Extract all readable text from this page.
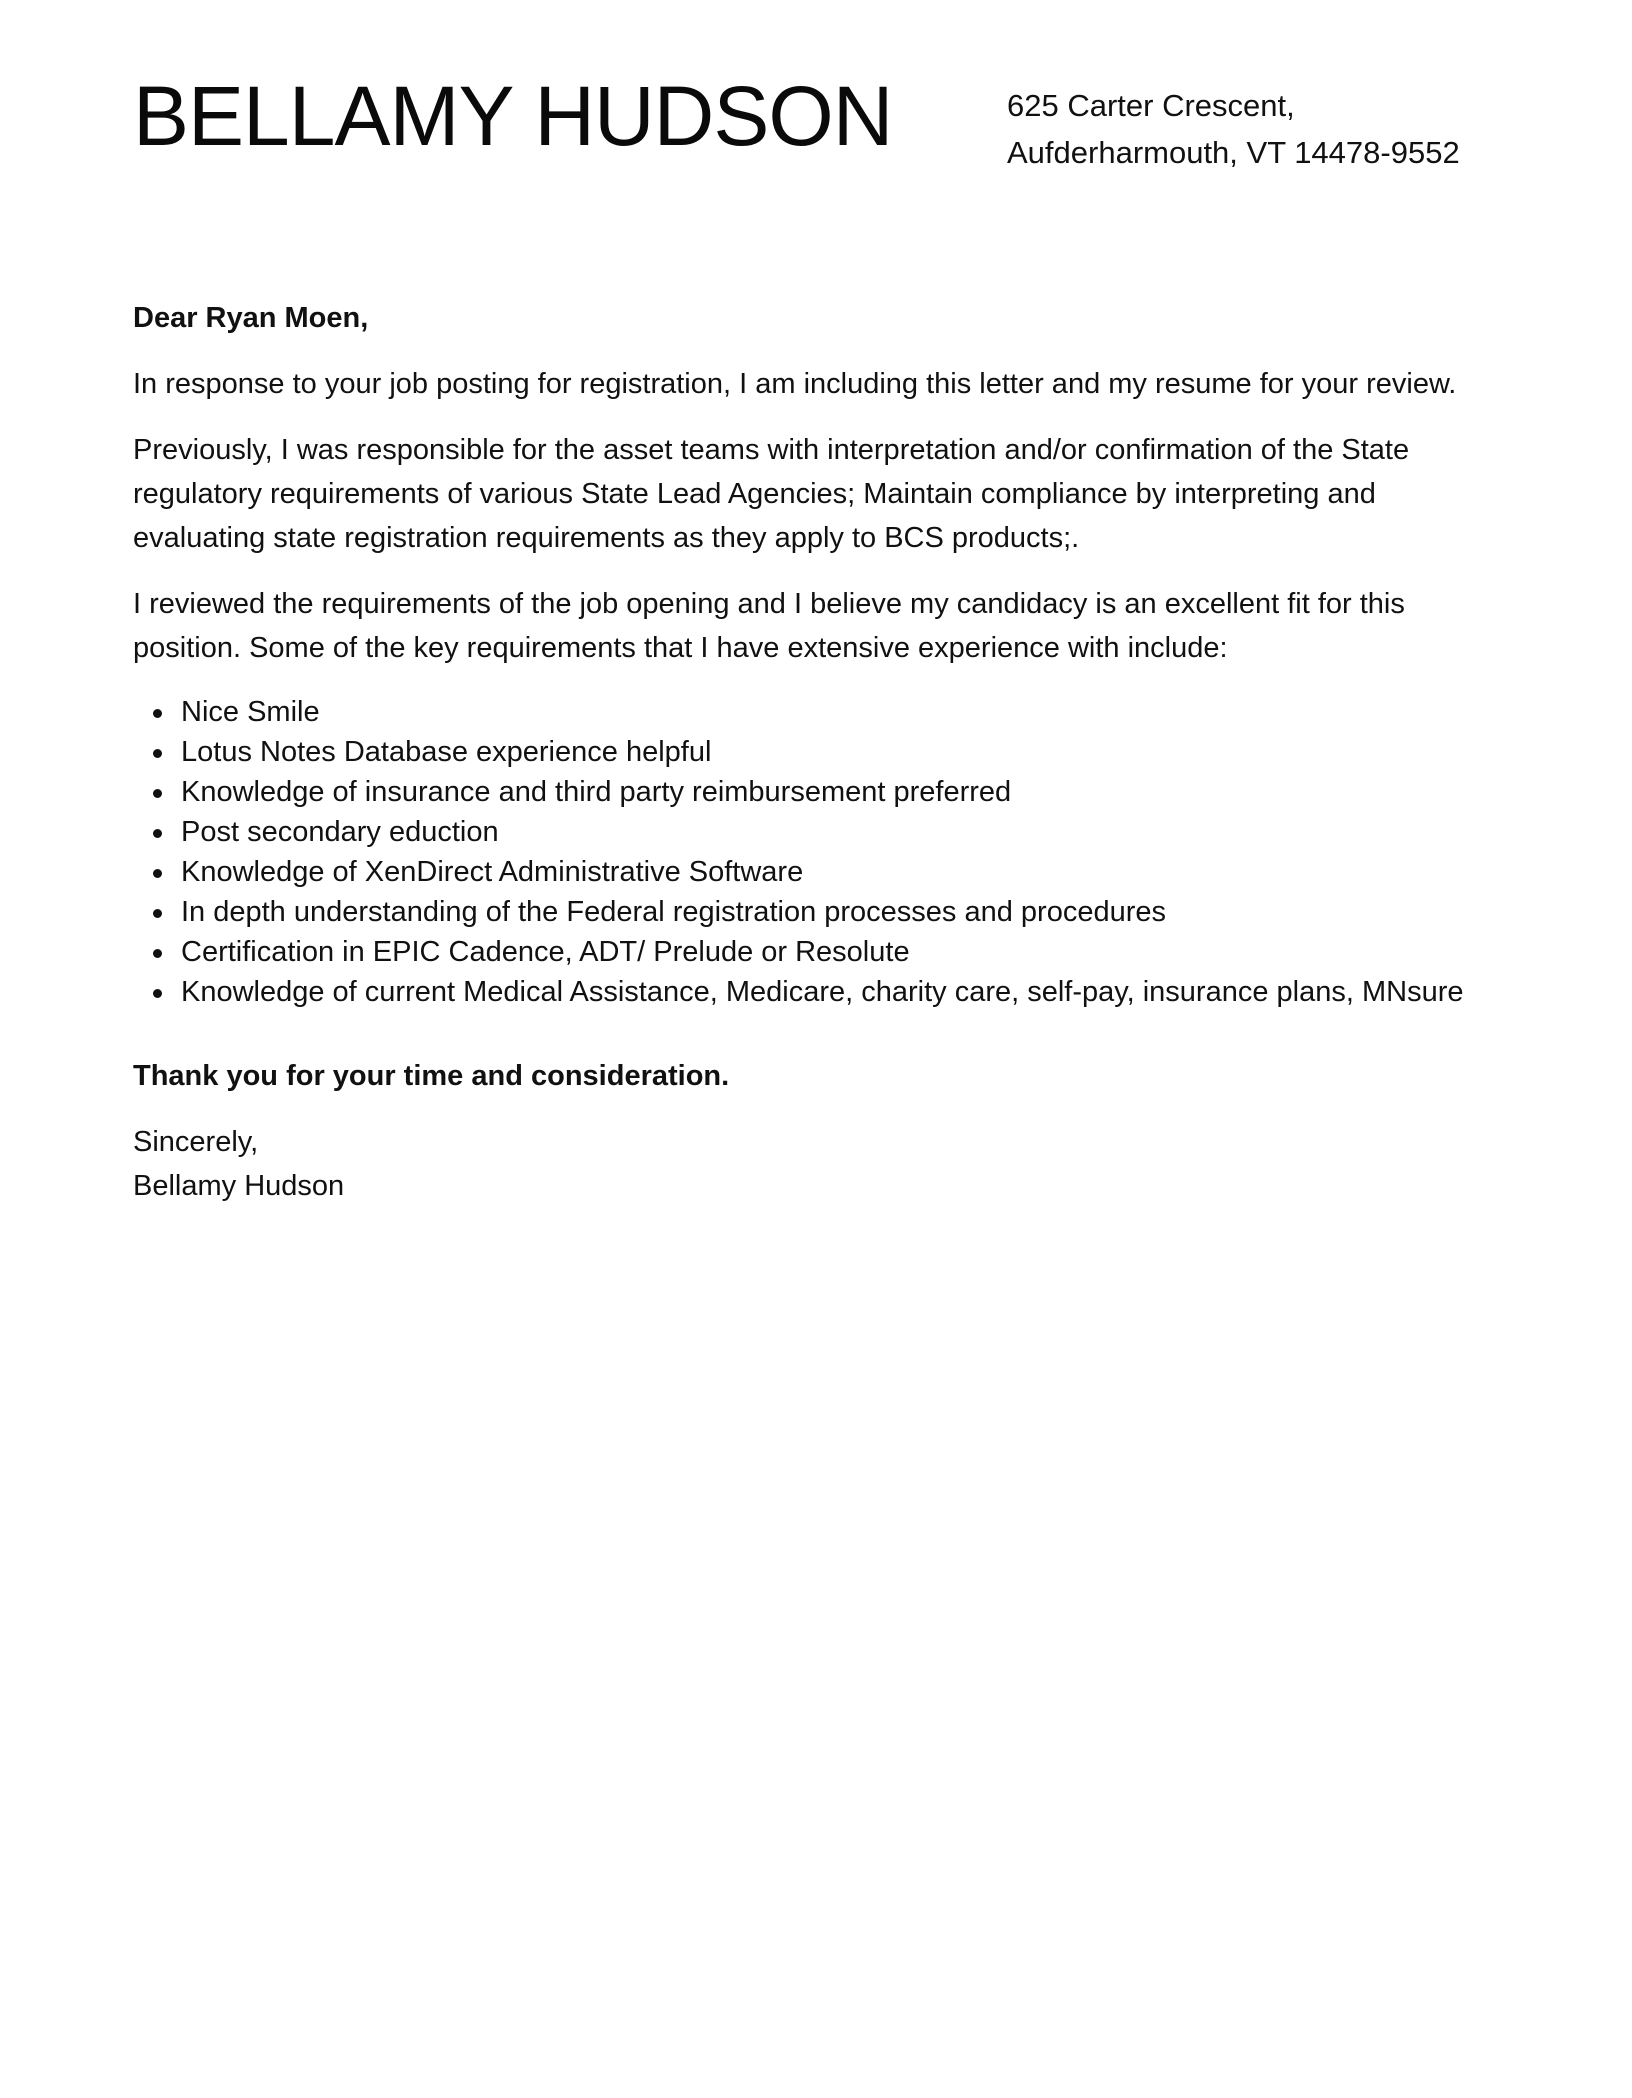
BELLAMY HUDSON	625 Carter Crescent,
Aufderharmouth, VT 14478-9552

Dear Ryan Moen,

In response to your job posting for registration, I am including this letter and my resume for your review.

Previously, I was responsible for the asset teams with interpretation and/or confirmation of the State regulatory requirements of various State Lead Agencies; Maintain compliance by interpreting and evaluating state registration requirements as they apply to BCS products;.

I reviewed the requirements of the job opening and I believe my candidacy is an excellent fit for this position. Some of the key requirements that I have extensive experience with include:

Nice Smile
Lotus Notes Database experience helpful
Knowledge of insurance and third party reimbursement preferred
Post secondary eduction
Knowledge of XenDirect Administrative Software
In depth understanding of the Federal registration processes and procedures
Certification in EPIC Cadence, ADT/ Prelude or Resolute
Knowledge of current Medical Assistance, Medicare, charity care, self-pay, insurance plans, MNsure

Thank you for your time and consideration.

Sincerely,
Bellamy Hudson
